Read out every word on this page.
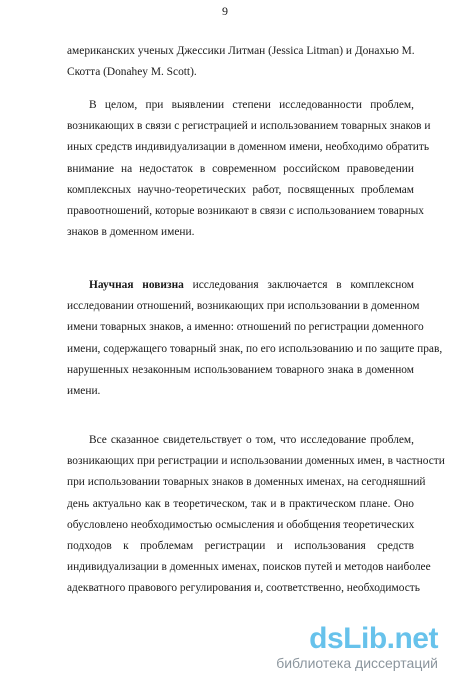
9
американских ученых Джессики Литман (Jessica Litman) и Донахью М.
Скотта (Donahey M. Scott).
В целом, при выявлении степени исследованности проблем,
возникающих в связи с регистрацией и использованием товарных знаков и
иных средств индивидуализации в доменном имени, необходимо обратить
внимание на недостаток в современном российском правоведении
комплексных научно-теоретических работ, посвященных проблемам
правоотношений, которые возникают в связи с использованием товарных
знаков в доменном имени.
Научная новизна исследования заключается в комплексном
исследовании отношений, возникающих при использовании в доменном
имени товарных знаков, а именно: отношений по регистрации доменного
имени, содержащего товарный знак, по его использованию и по защите прав,
нарушенных незаконным использованием товарного знака в доменном
имени.
Все сказанное свидетельствует о том, что исследование проблем,
возникающих при регистрации и использовании доменных имен, в частности
при использовании товарных знаков в доменных именах, на сегодняшний
день актуально как в теоретическом, так и в практическом плане. Оно
обусловлено необходимостью осмысления и обобщения теоретических
подходов к проблемам регистрации и использования средств
индивидуализации в доменных именах, поисков путей и методов наиболее
адекватного правового регулирования и, соответственно, необходимость
dsLib.net
библиотека диссертаций
